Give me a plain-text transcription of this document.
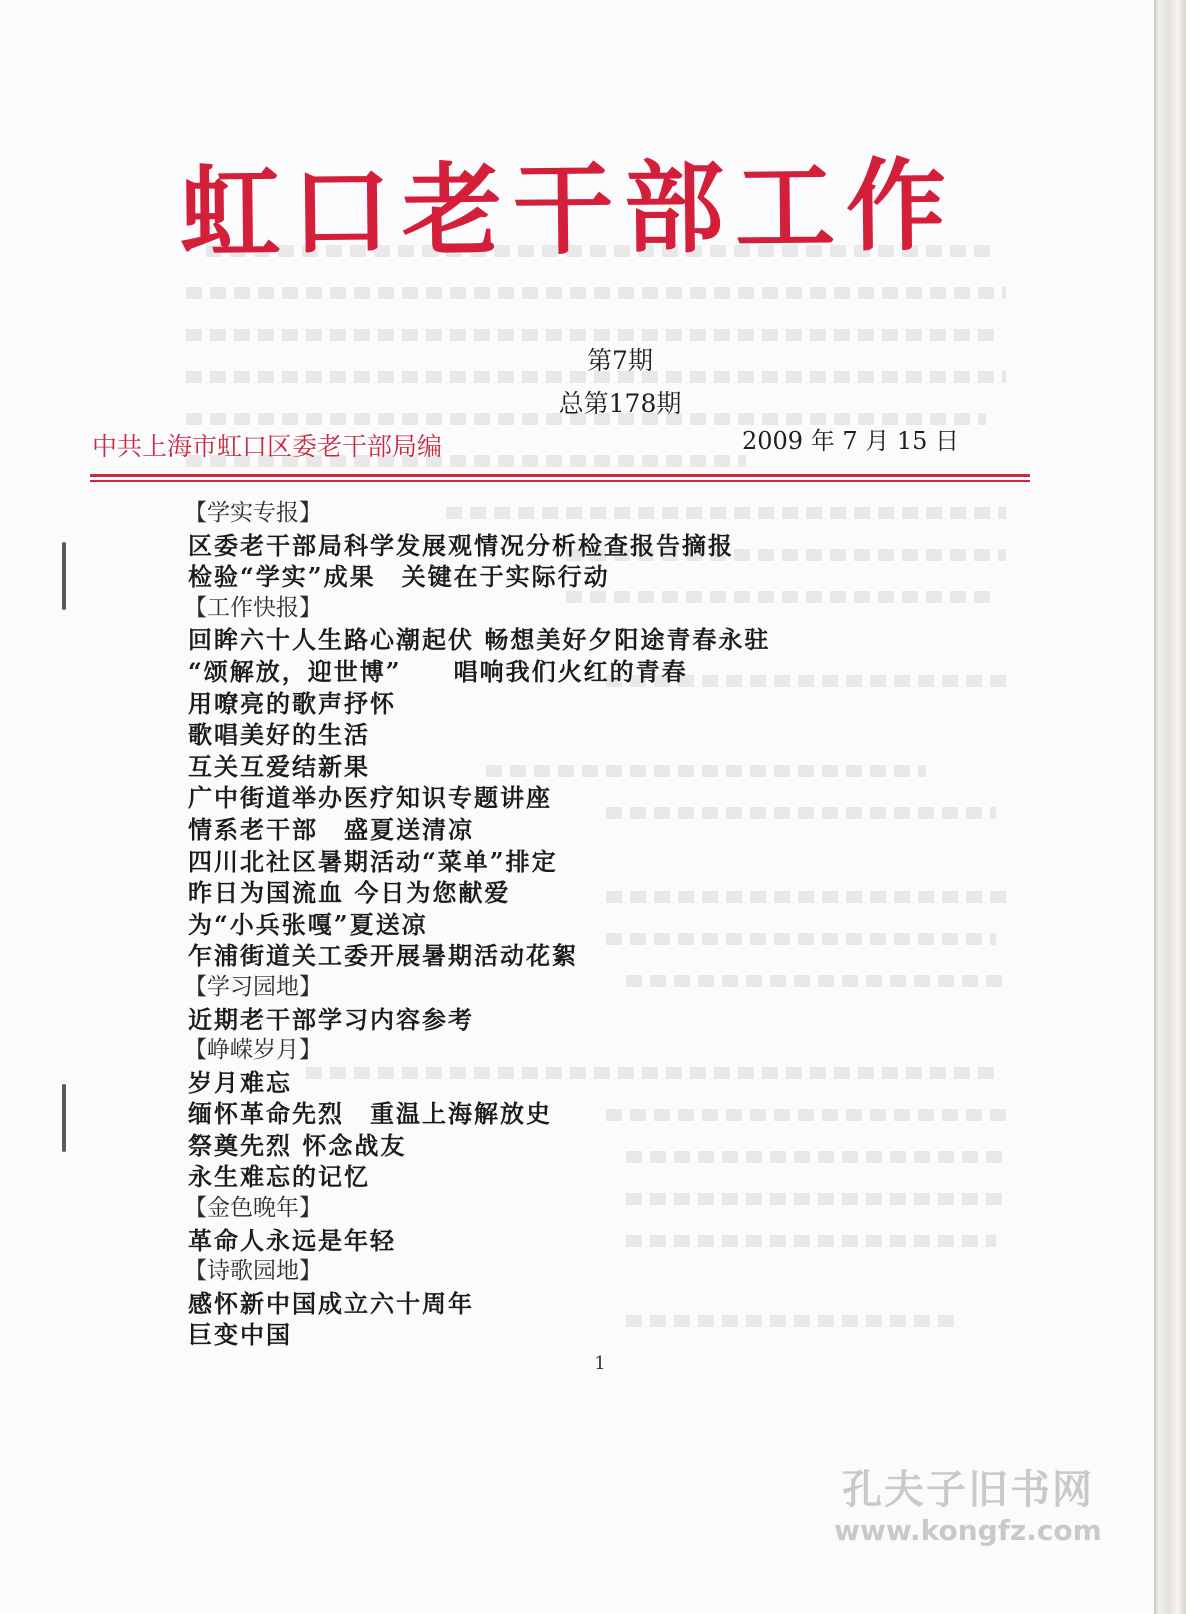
虹口老干部工作
第7期
总第178期
中共上海市虹口区委老干部局编	2009 年 7 月 15 日
【学实专报】
区委老干部局科学发展观情况分析检查报告摘报
检验“学实”成果　关键在于实际行动
【工作快报】
回眸六十人生路心潮起伏 畅想美好夕阳途青春永驻
“颂解放，迎世博”　　唱响我们火红的青春
用嘹亮的歌声抒怀
歌唱美好的生活
互关互爱结新果
广中街道举办医疗知识专题讲座
情系老干部　盛夏送清凉
四川北社区暑期活动“菜单”排定
昨日为国流血 今日为您献爱
为“小兵张嘎”夏送凉
乍浦街道关工委开展暑期活动花絮
【学习园地】
近期老干部学习内容参考
【峥嵘岁月】
岁月难忘
缅怀革命先烈　重温上海解放史
祭奠先烈 怀念战友
永生难忘的记忆
【金色晚年】
革命人永远是年轻
【诗歌园地】
感怀新中国成立六十周年
巨变中国
1
孔夫子旧书网
www.kongfz.com
